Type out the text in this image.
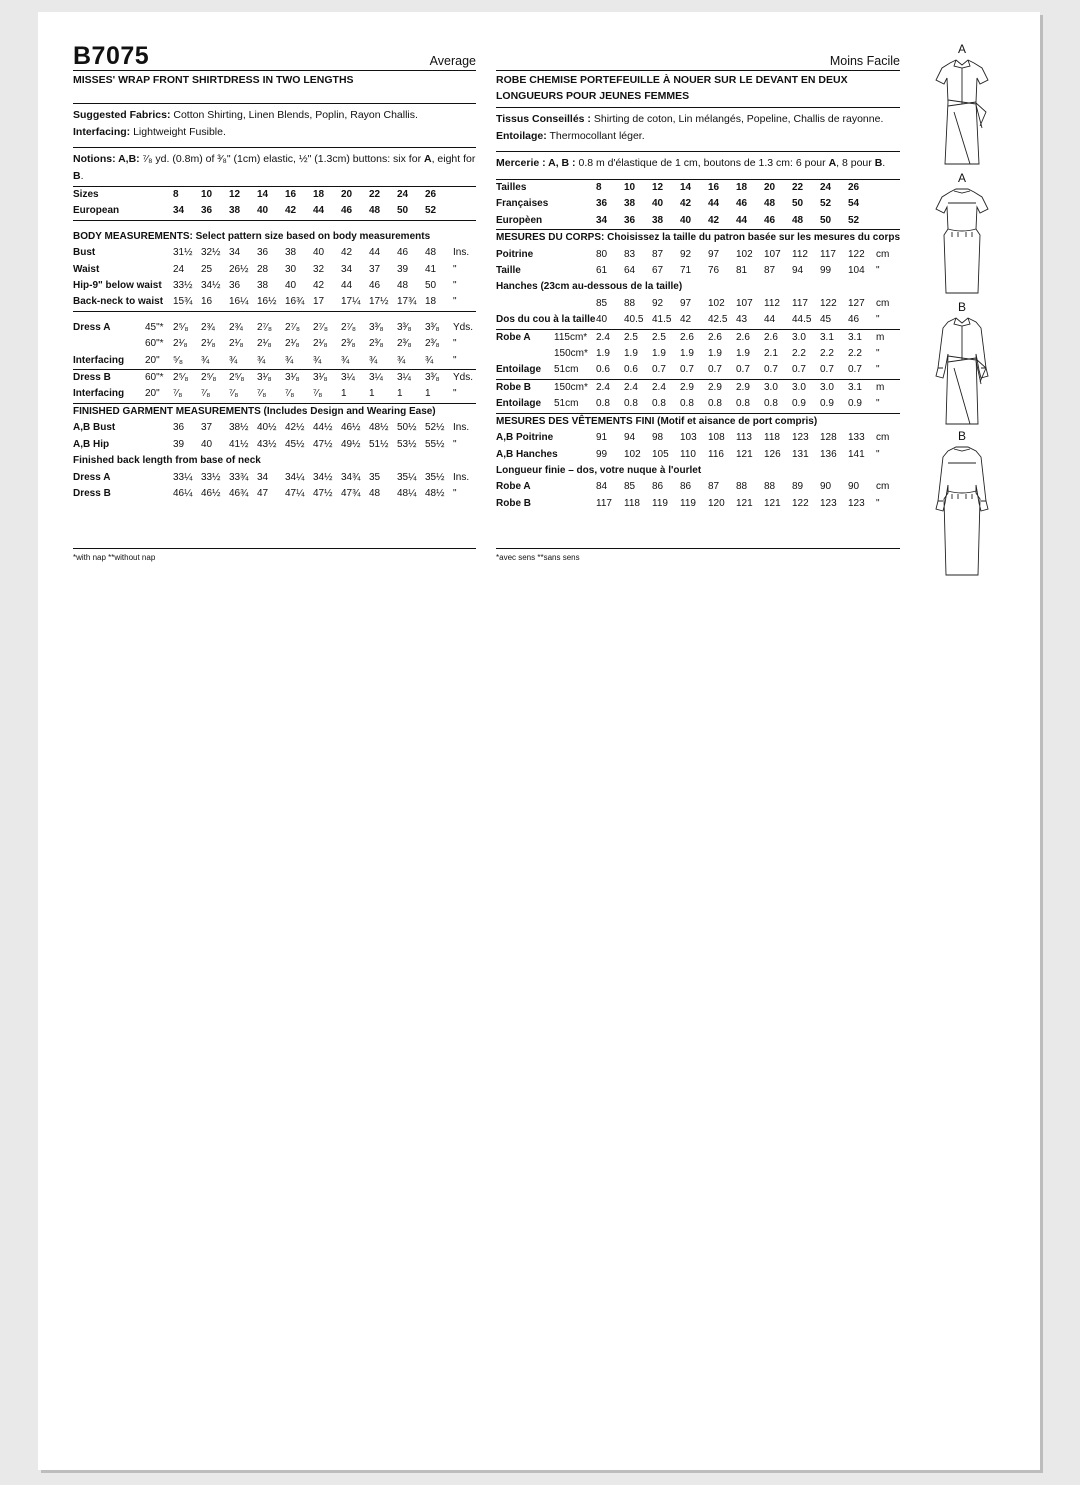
B7075	Average
MISSES' WRAP FRONT SHIRTDRESS IN TWO LENGTHS
Suggested Fabrics: Cotton Shirting, Linen Blends, Poplin, Rayon Challis. Interfacing: Lightweight Fusible.
Notions: A,B: ⁷⁄₈ yd. (0.8m) of ³⁄₈" (1cm) elastic, ½" (1.3cm) buttons: six for A, eight for B.
Sizes		8	10	12	14	16	18	20	22	24	26	
European		34	36	38	40	42	44	46	48	50	52	

BODY MEASUREMENTS: Select pattern size based on body measurements												
Bust		31½	32½	34	36	38	40	42	44	46	48	Ins.
Waist		24	25	26½	28	30	32	34	37	39	41	"
Hip-9" below waist		33½	34½	36	38	40	42	44	46	48	50	"
Back-neck to waist		15¾	16	16¼	16½	16¾	17	17¼	17½	17¾	18	"

Dress A	45"*	2⁵⁄₈	2¾	2¾	2⁷⁄₈	2⁷⁄₈	2⁷⁄₈	2⁷⁄₈	3³⁄₈	3³⁄₈	3³⁄₈	Yds.
	60"*	2¹⁄₈	2¹⁄₈	2¹⁄₈	2¹⁄₈	2¹⁄₈	2¹⁄₈	2³⁄₈	2³⁄₈	2³⁄₈	2³⁄₈	"
Interfacing	20"	⁵⁄₈	¾	¾	¾	¾	¾	¾	¾	¾	¾	"
Dress B	60"*	2⁵⁄₈	2⁵⁄₈	2⁵⁄₈	3¹⁄₈	3¹⁄₈	3¹⁄₈	3¼	3¼	3¼	3³⁄₈	Yds.
Interfacing	20"	⁷⁄₈	⁷⁄₈	⁷⁄₈	⁷⁄₈	⁷⁄₈	⁷⁄₈	1	1	1	1	"
FINISHED GARMENT MEASUREMENTS (Includes Design and Wearing Ease)												
A,B Bust		36	37	38½	40½	42½	44½	46½	48½	50½	52½	Ins.
A,B Hip		39	40	41½	43½	45½	47½	49½	51½	53½	55½	"
Finished back length from base of neck												
Dress A		33¼	33½	33¾	34	34¼	34½	34¾	35	35¼	35½	Ins.
Dress B		46¼	46½	46¾	47	47¼	47½	47¾	48	48¼	48½	"
Moins Facile
ROBE CHEMISE PORTEFEUILLE À NOUER SUR LE DEVANT EN DEUX LONGUEURS POUR JEUNES FEMMES
Tissus Conseillés : Shirting de coton, Lin mélangés, Popeline, Challis de rayonne. Entoilage: Thermocollant léger.
Mercerie : A, B : 0.8 m d'élastique de 1 cm, boutons de 1.3 cm: 6 pour A, 8 pour B.
Tailles		8	10	12	14	16	18	20	22	24	26	
Françaises		36	38	40	42	44	46	48	50	52	54	
Europèen		34	36	38	40	42	44	46	48	50	52	
MESURES DU CORPS: Choisissez la taille du patron basée sur les mesures du corps												
Poitrine		80	83	87	92	97	102	107	112	117	122	cm
Taille		61	64	67	71	76	81	87	94	99	104	"
Hanches (23cm au-dessous de la taille)												
		85	88	92	97	102	107	112	117	122	127	cm
Dos du cou à la taille		40	40.5	41.5	42	42.5	43	44	44.5	45	46	"
Robe A	115cm*	2.4	2.5	2.5	2.6	2.6	2.6	2.6	3.0	3.1	3.1	m
	150cm*	1.9	1.9	1.9	1.9	1.9	1.9	2.1	2.2	2.2	2.2	"
Entoilage	51cm	0.6	0.6	0.7	0.7	0.7	0.7	0.7	0.7	0.7	0.7	"
Robe B	150cm*	2.4	2.4	2.4	2.9	2.9	2.9	3.0	3.0	3.0	3.1	m
Entoilage	51cm	0.8	0.8	0.8	0.8	0.8	0.8	0.8	0.9	0.9	0.9	"
MESURES DES VÊTEMENTS FINI (Motif et aisance de port compris)												
A,B Poitrine		91	94	98	103	108	113	118	123	128	133	cm
A,B Hanches		99	102	105	110	116	121	126	131	136	141	"
Longueur finie – dos, votre nuque à l'ourlet												
Robe A		84	85	86	86	87	88	88	89	90	90	cm
Robe B		117	118	119	119	120	121	121	122	123	123	"
*with nap **without nap	*avec sens **sans sens
A
A
B
B
